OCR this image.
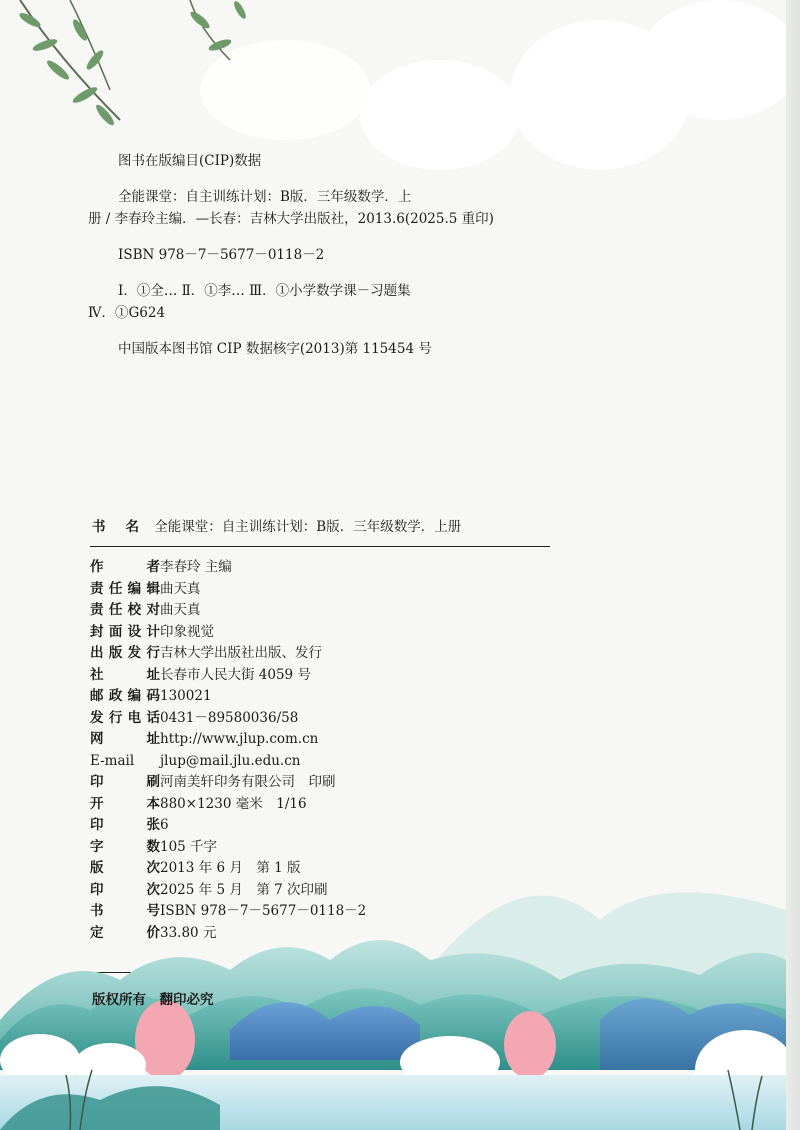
图书在版编目(CIP)数据

全能课堂：自主训练计划：B版．三年级数学．上

册 / 李春玲主编．—长春：吉林大学出版社，2013.6(2025.5 重印)

ISBN 978－7－5677－0118－2

Ⅰ．①全… Ⅱ．①李… Ⅲ．①小学数学课－习题集

Ⅳ．①G624

中国版本图书馆 CIP 数据核字(2013)第 115454 号

书名 全能课堂：自主训练计划：B版．三年级数学．上册
作者李春玲 主编
责任编辑曲天真
责任校对曲天真
封面设计印象视觉
出版发行吉林大学出版社出版、发行
社址长春市人民大街 4059 号
邮政编码130021
发行电话0431－89580036/58
网址http://www.jlup.com.cn
E-mail jlup@mail.jlu.edu.cn
印刷河南美轩印务有限公司　印刷
开本880×1230 毫米　1/16
印张6
字数105 千字
版次2013 年 6 月　第 1 版
印次2025 年 5 月　第 7 次印刷
书号ISBN 978－7－5677－0118－2
定价33.80 元
版权所有　翻印必究
